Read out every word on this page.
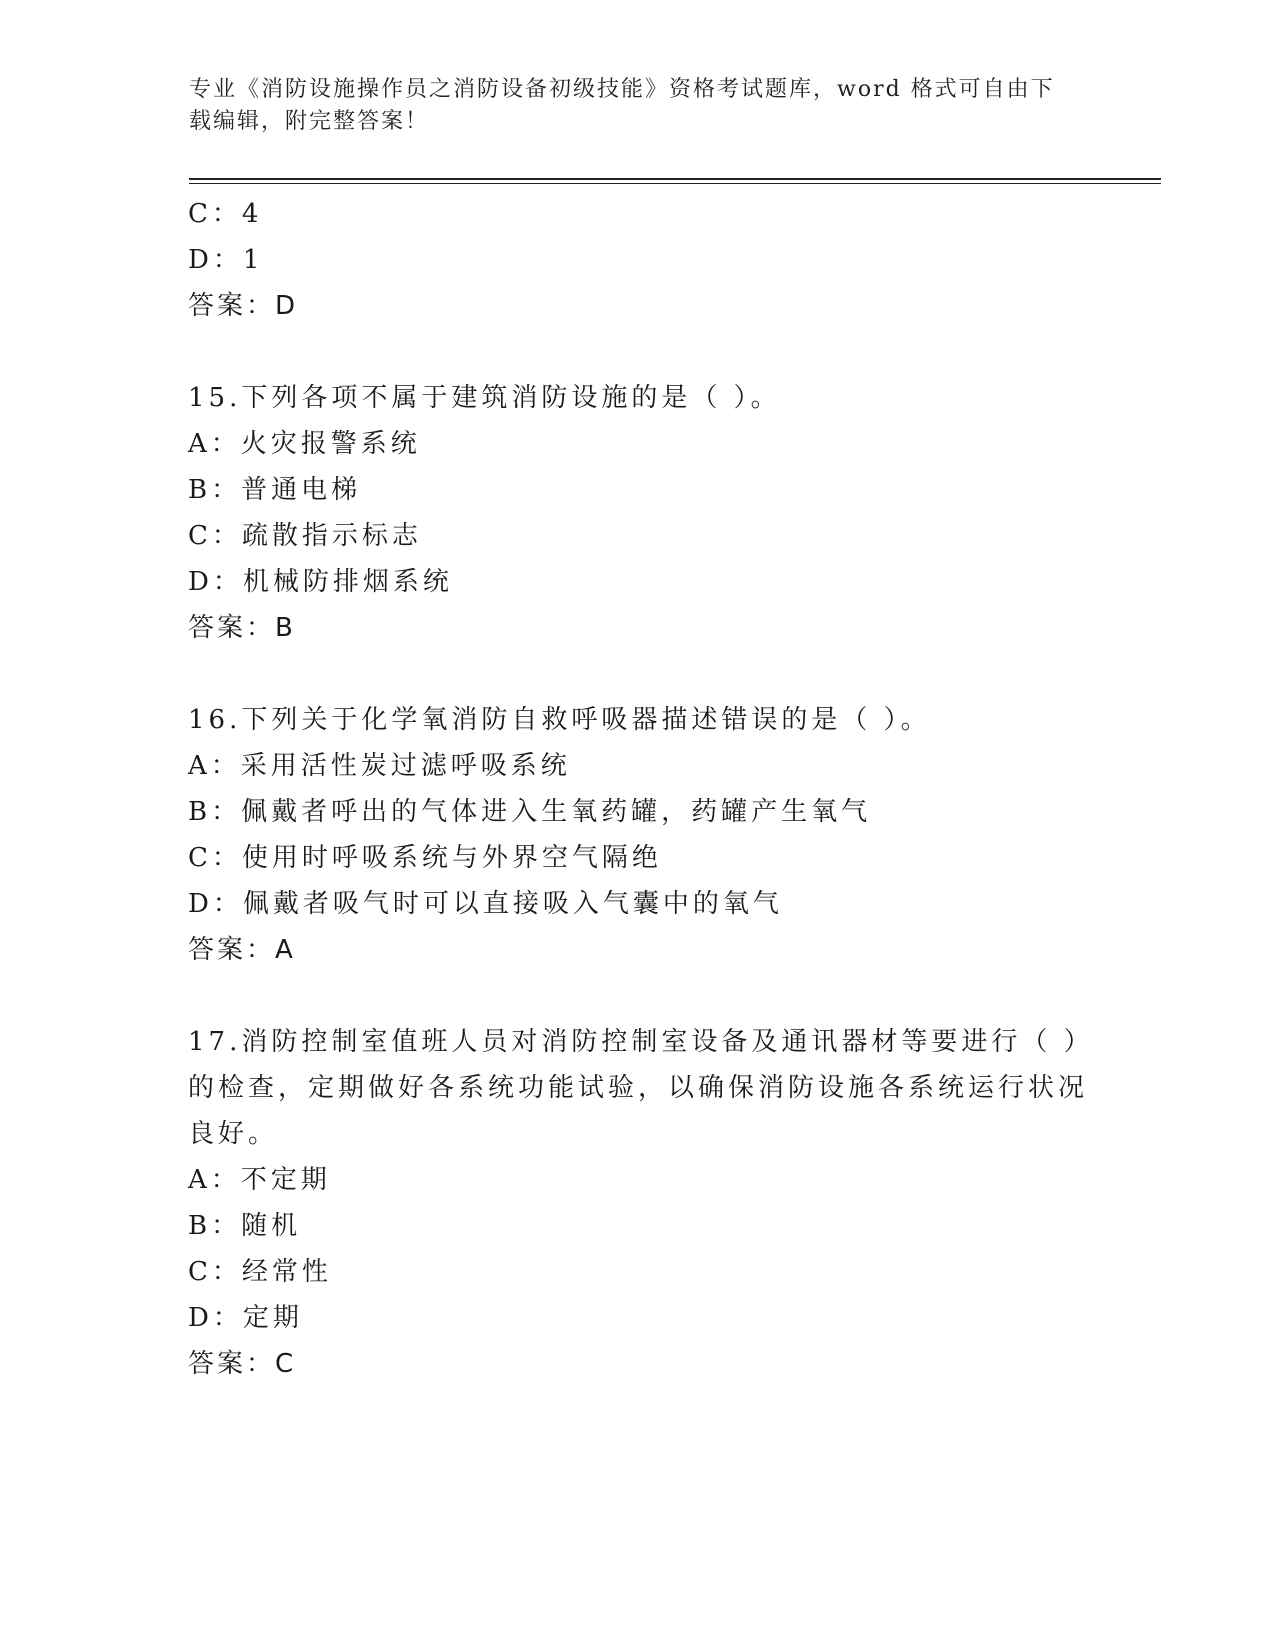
专业《消防设施操作员之消防设备初级技能》资格考试题库，word 格式可自由下
载编辑，附完整答案！
C：4
D：1
答案：D
15.下列各项不属于建筑消防设施的是（ ）。
A：火灾报警系统
B：普通电梯
C：疏散指示标志
D：机械防排烟系统
答案：B
16.下列关于化学氧消防自救呼吸器描述错误的是（ ）。
A：采用活性炭过滤呼吸系统
B：佩戴者呼出的气体进入生氧药罐，药罐产生氧气
C：使用时呼吸系统与外界空气隔绝
D：佩戴者吸气时可以直接吸入气囊中的氧气
答案：A
17.消防控制室值班人员对消防控制室设备及通讯器材等要进行（ ）
的检查，定期做好各系统功能试验，以确保消防设施各系统运行状况
良好。
A：不定期
B：随机
C：经常性
D：定期
答案：C
